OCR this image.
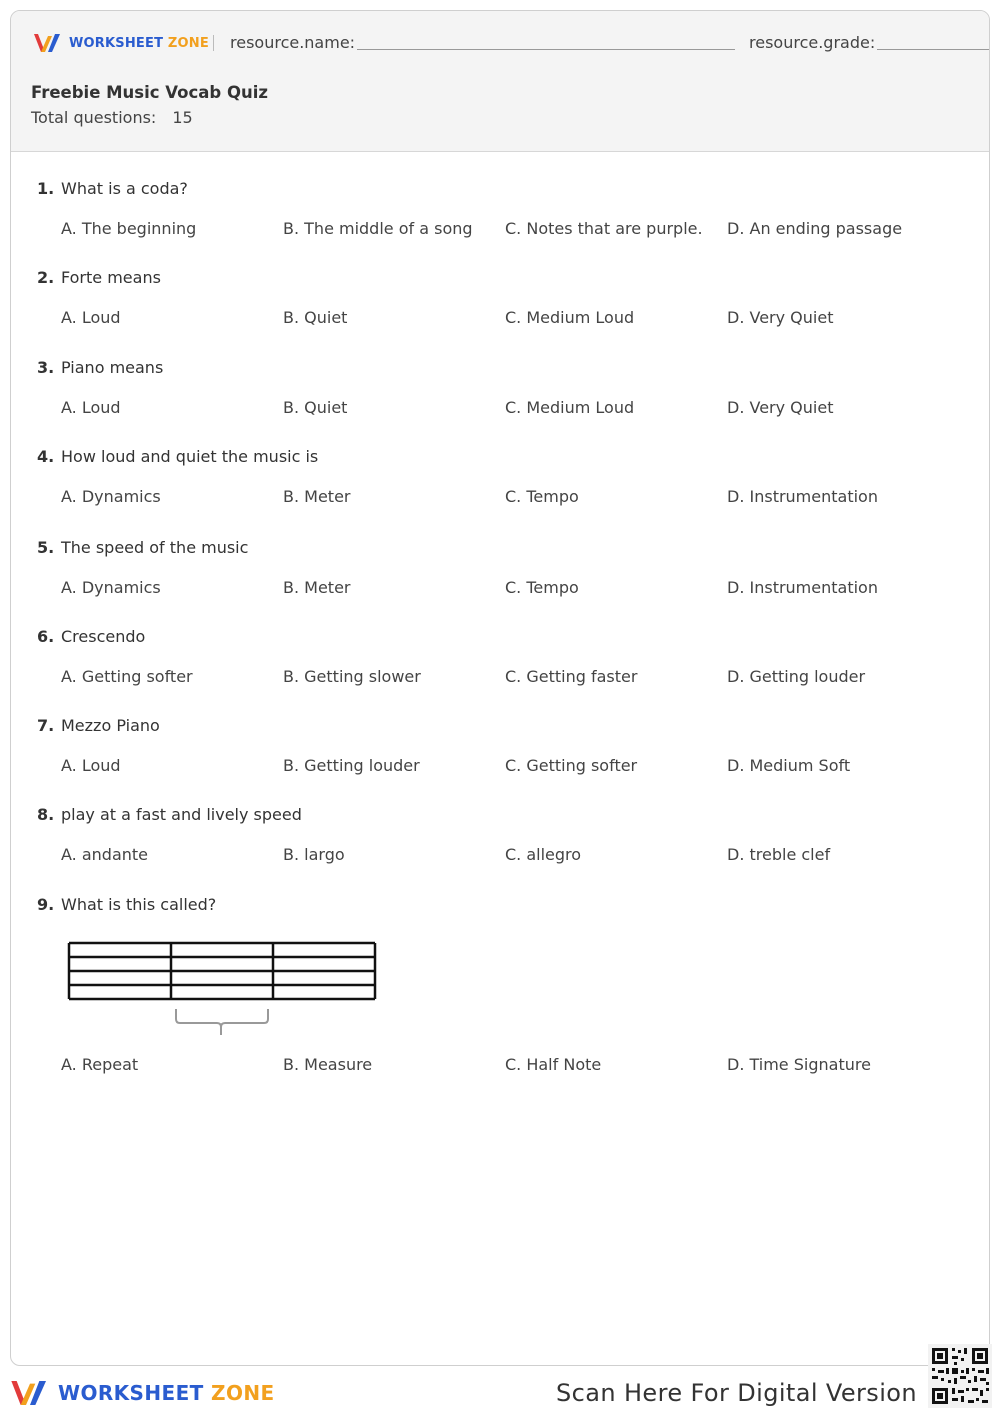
WORKSHEET ZONE resource.name:	resource.grade:
Freebie Music Vocab Quiz
Total questions: 15
1. What is a coda?
A. The beginning	B. The middle of a song C. Notes that are purple. D. An ending passage
2. Forte means
A. Loud	B. Quiet	C. Medium Loud	D. Very Quiet
3. Piano means
A. Loud	B. Quiet	C. Medium Loud	D. Very Quiet
4. How loud and quiet the music is
A. Dynamics	B. Meter	C. Tempo	D. Instrumentation
5. The speed of the music
A. Dynamics	B. Meter	C. Tempo	D. Instrumentation
6. Crescendo
A. Getting softer	B. Getting slower	C. Getting faster	D. Getting louder
7. Mezzo Piano
A. Loud	B. Getting louder	C. Getting softer	D. Medium Soft
8. play at a fast and lively speed
A. andante	B. largo	C. allegro	D. treble clef
9. What is this called?
A. Repeat	B. Measure	C. Half Note	D. Time Signature
WORKSHEET ZONE	Scan Here For Digital Version
